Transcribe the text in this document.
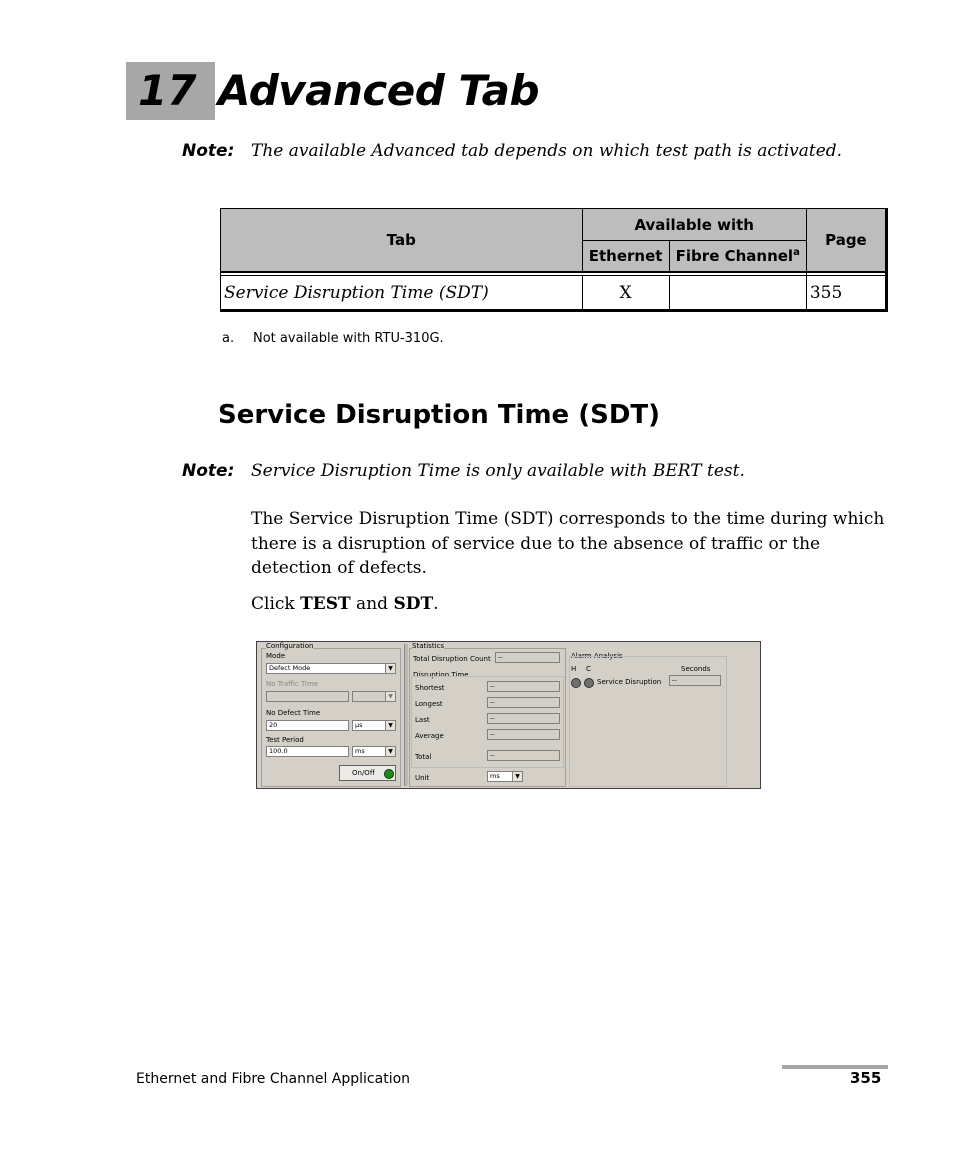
17 Advanced Tab
Note: The available Advanced tab depends on which test path is activated.
Tab	Available with		Page
	Ethernet	Fibre Channel$^a$

Service Disruption Time (SDT)	X		355
a. Not available with RTU-310G.
Service Disruption Time (SDT)
Note: Service Disruption Time is only available with BERT test.
The Service Disruption Time (SDT) corresponds to the time during which there is a disruption of service due to the absence of traffic or the detection of defects.
Click TEST and SDT.
Configuration
Mode
Defect Mode	▼
No Traffic Time
▼
No Defect Time
20	µs	▼
Test Period
100.0	ms	▼
On/Off
Statistics
Total Disruption Count	--
Disruption Time
Shortest	--
Longest	--
Last	--
Average	--
Total	--
Unit	ms	▼
Alarm Analysis
H C	Seconds
Service Disruption	--
Ethernet and Fibre Channel Application	355
